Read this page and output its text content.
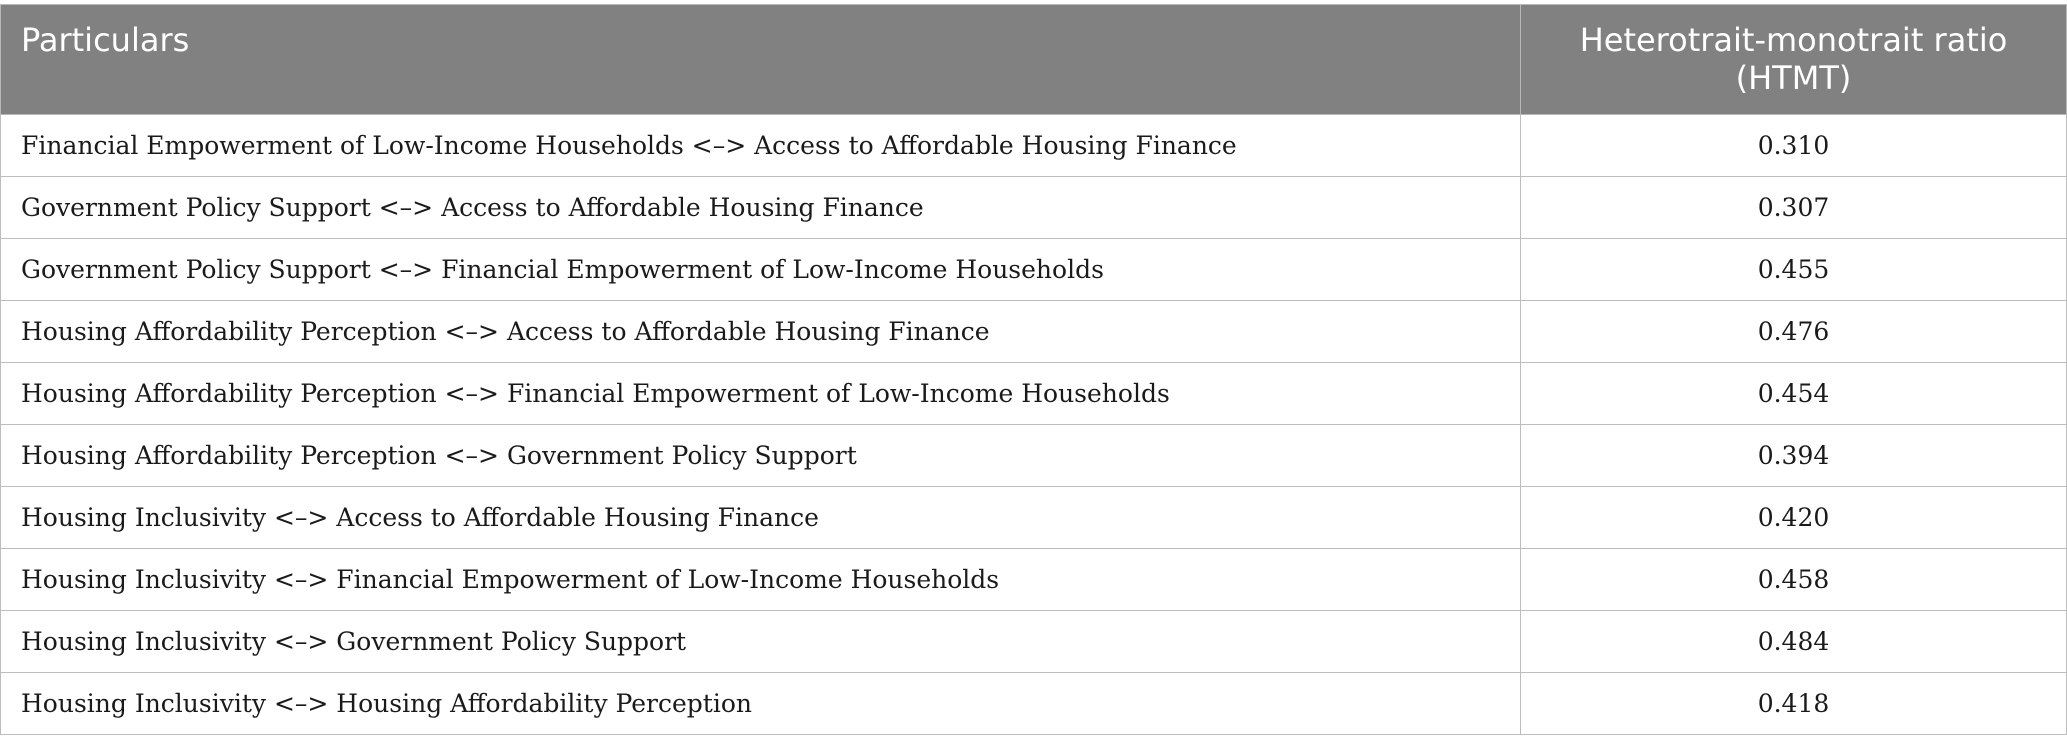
Particulars	Heterotrait-monotrait ratio (HTMT)
Financial Empowerment of Low-Income Households <–> Access to Affordable Housing Finance	0.310
Government Policy Support <–> Access to Affordable Housing Finance	0.307
Government Policy Support <–> Financial Empowerment of Low-Income Households	0.455
Housing Affordability Perception <–> Access to Affordable Housing Finance	0.476
Housing Affordability Perception <–> Financial Empowerment of Low-Income Households	0.454
Housing Affordability Perception <–> Government Policy Support	0.394
Housing Inclusivity <–> Access to Affordable Housing Finance	0.420
Housing Inclusivity <–> Financial Empowerment of Low-Income Households	0.458
Housing Inclusivity <–> Government Policy Support	0.484
Housing Inclusivity <–> Housing Affordability Perception	0.418
